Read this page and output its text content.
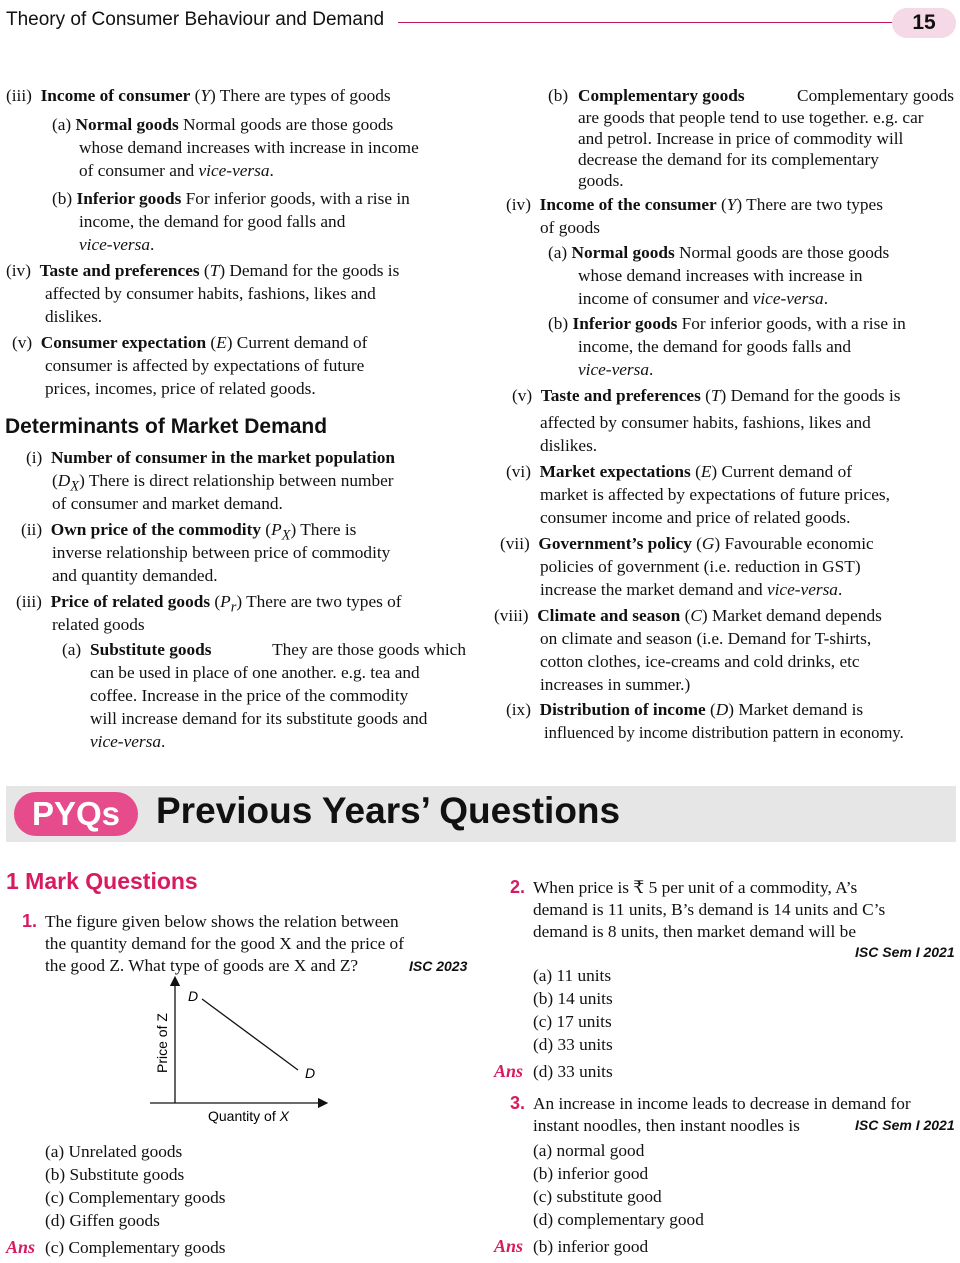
Theory of Consumer Behaviour and Demand	15
(iii) Income of consumer (Y) There are types of goods
(a) Normal goods Normal goods are those goods
whose demand increases with increase in income
of consumer and vice-versa.
(b) Inferior goods For inferior goods, with a rise in
income, the demand for good falls and
vice-versa.
(iv) Taste and preferences (T) Demand for the goods is
affected by consumer habits, fashions, likes and
dislikes.
(v) Consumer expectation (E) Current demand of
consumer is affected by expectations of future
prices, incomes, price of related goods.
Determinants of Market Demand
(i) Number of consumer in the market population
$(D_X)$ There is direct relationship between number
of consumer and market demand.
(ii) Own price of the commodity $(P_X)$ There is
inverse relationship between price of commodity
and quantity demanded.
(iii) Price of related goods $(P_r)$ There are two types of
related goods
(a) Substitute goods	They are those goods which
can be used in place of one another. e.g. tea and
coffee. Increase in the price of the commodity
will increase demand for its substitute goods and
vice-versa.
(b) Complementary goods	Complementary goods
are goods that people tend to use together. e.g. car
and petrol. Increase in price of commodity will
decrease the demand for its complementary
goods.
(iv) Income of the consumer (Y) There are two types
of goods
(a) Normal goods Normal goods are those goods
whose demand increases with increase in
income of consumer and vice-versa.
(b) Inferior goods For inferior goods, with a rise in
income, the demand for goods falls and
vice-versa.
(v) Taste and preferences (T) Demand for the goods is
affected by consumer habits, fashions, likes and
dislikes.
(vi) Market expectations (E) Current demand of
market is affected by expectations of future prices,
consumer income and price of related goods.
(vii) Government’s policy (G) Favourable economic
policies of government (i.e. reduction in GST)
increase the market demand and vice-versa.
(viii) Climate and season (C) Market demand depends
on climate and season (i.e. Demand for T-shirts,
cotton clothes, ice-creams and cold drinks, etc
increases in summer.)
(ix) Distribution of income (D) Market demand is
influenced by income distribution pattern in economy.
PYQs Previous Years’ Questions
1 Mark Questions
1. The figure given below shows the relation between
the quantity demand for the good X and the price of
the good Z. What type of goods are X and Z?	ISC 2023
D
D
Price of Z
Quantity of X
(a) Unrelated goods
(b) Substitute goods
(c) Complementary goods
(d) Giffen goods
Ans (c) Complementary goods
2. When price is ₹ 5 per unit of a commodity, A’s
demand is 11 units, B’s demand is 14 units and C’s
demand is 8 units, then market demand will be
ISC Sem I 2021
(a) 11 units
(b) 14 units
(c) 17 units
(d) 33 units
Ans (d) 33 units
3. An increase in income leads to decrease in demand for
instant noodles, then instant noodles is	ISC Sem I 2021
(a) normal good
(b) inferior good
(c) substitute good
(d) complementary good
Ans (b) inferior good
